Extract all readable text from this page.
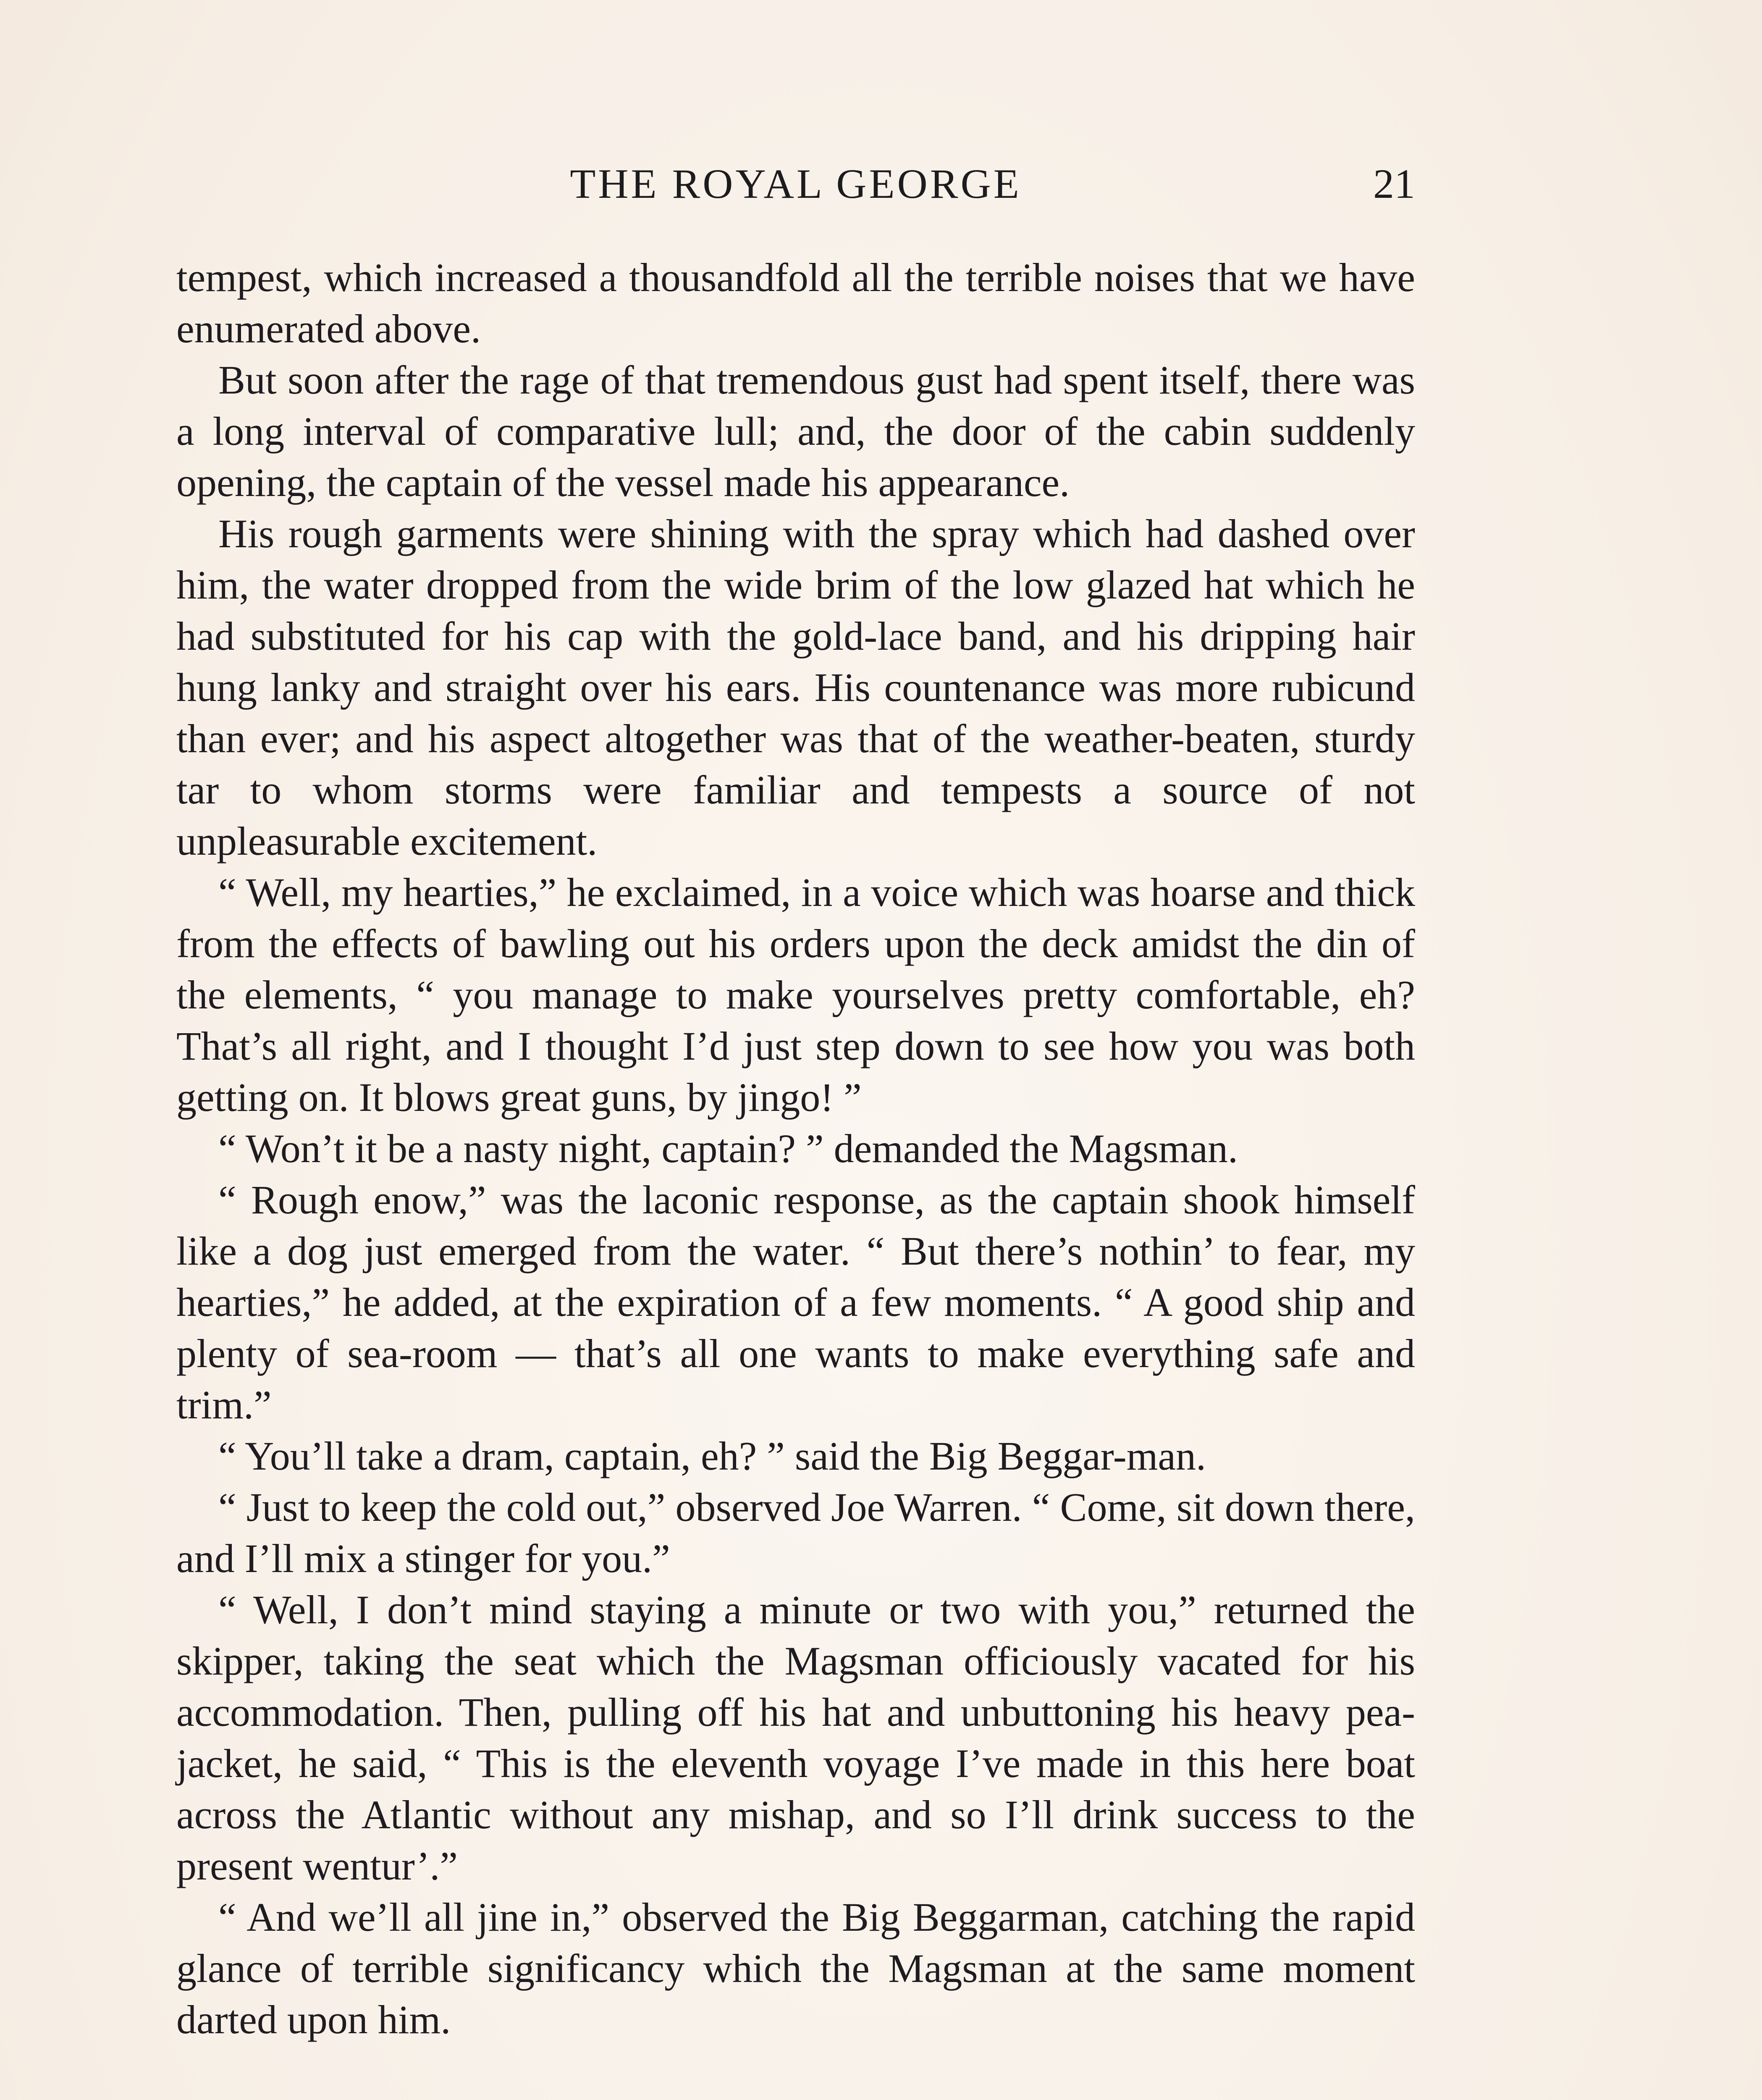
THE ROYAL GEORGE	21

tempest, which increased a thousandfold all the terrible noises that we have enumerated above.

But soon after the rage of that tremendous gust had spent itself, there was a long interval of comparative lull; and, the door of the cabin suddenly opening, the captain of the vessel made his appearance.

His rough garments were shining with the spray which had dashed over him, the water dropped from the wide brim of the low glazed hat which he had substituted for his cap with the gold-lace band, and his dripping hair hung lanky and straight over his ears. His countenance was more rubicund than ever; and his aspect altogether was that of the weather-beaten, sturdy tar to whom storms were familiar and tempests a source of not unpleasurable excitement.

“ Well, my hearties,” he exclaimed, in a voice which was hoarse and thick from the effects of bawling out his orders upon the deck amidst the din of the elements, “ you manage to make yourselves pretty comfortable, eh? That’s all right, and I thought I’d just step down to see how you was both getting on. It blows great guns, by jingo! ”

“ Won’t it be a nasty night, captain? ” demanded the Magsman.

“ Rough enow,” was the laconic response, as the captain shook himself like a dog just emerged from the water. “ But there’s nothin’ to fear, my hearties,” he added, at the expiration of a few moments. “ A good ship and plenty of sea-room — that’s all one wants to make everything safe and trim.”

“ You’ll take a dram, captain, eh? ” said the Big Beggar-man.

“ Just to keep the cold out,” observed Joe Warren. “ Come, sit down there, and I’ll mix a stinger for you.”

“ Well, I don’t mind staying a minute or two with you,” returned the skipper, taking the seat which the Magsman officiously vacated for his accommodation. Then, pulling off his hat and unbuttoning his heavy pea-jacket, he said, “ This is the eleventh voyage I’ve made in this here boat across the Atlantic without any mishap, and so I’ll drink success to the present wentur’.”

“ And we’ll all jine in,” observed the Big Beggarman, catching the rapid glance of terrible significancy which the Magsman at the same moment darted upon him.
